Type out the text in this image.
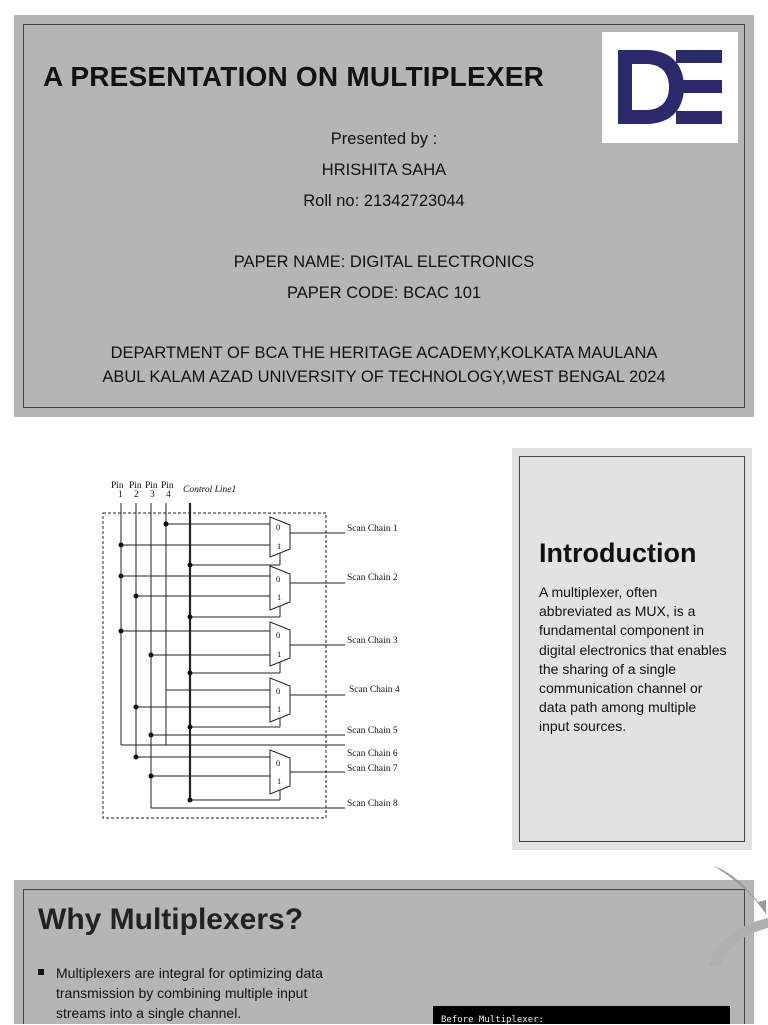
A PRESENTATION ON MULTIPLEXER
Presented by :
HRISHITA SAHA
Roll no: 21342723044
PAPER NAME: DIGITAL ELECTRONICS
PAPER CODE: BCAC 101
DEPARTMENT OF BCA THE HERITAGE ACADEMY,KOLKATA MAULANA
ABUL KALAM AZAD UNIVERSITY OF TECHNOLOGY,WEST BENGAL 2024
Pin Pin Pin Pin
1 2 3 4 Control Line1
0
1
0
1
0
1
0
1
0
1
Scan Chain 1
Scan Chain 2
Scan Chain 3
Scan Chain 4
Scan Chain 5
Scan Chain 6
Scan Chain 7
Scan Chain 8
Introduction
A multiplexer, often abbreviated as MUX, is a fundamental component in digital electronics that enables the sharing of a single communication channel or data path among multiple input sources.
Why Multiplexers?
Multiplexers are integral for optimizing data transmission by combining multiple input streams into a single channel.	Before Multiplexer:
